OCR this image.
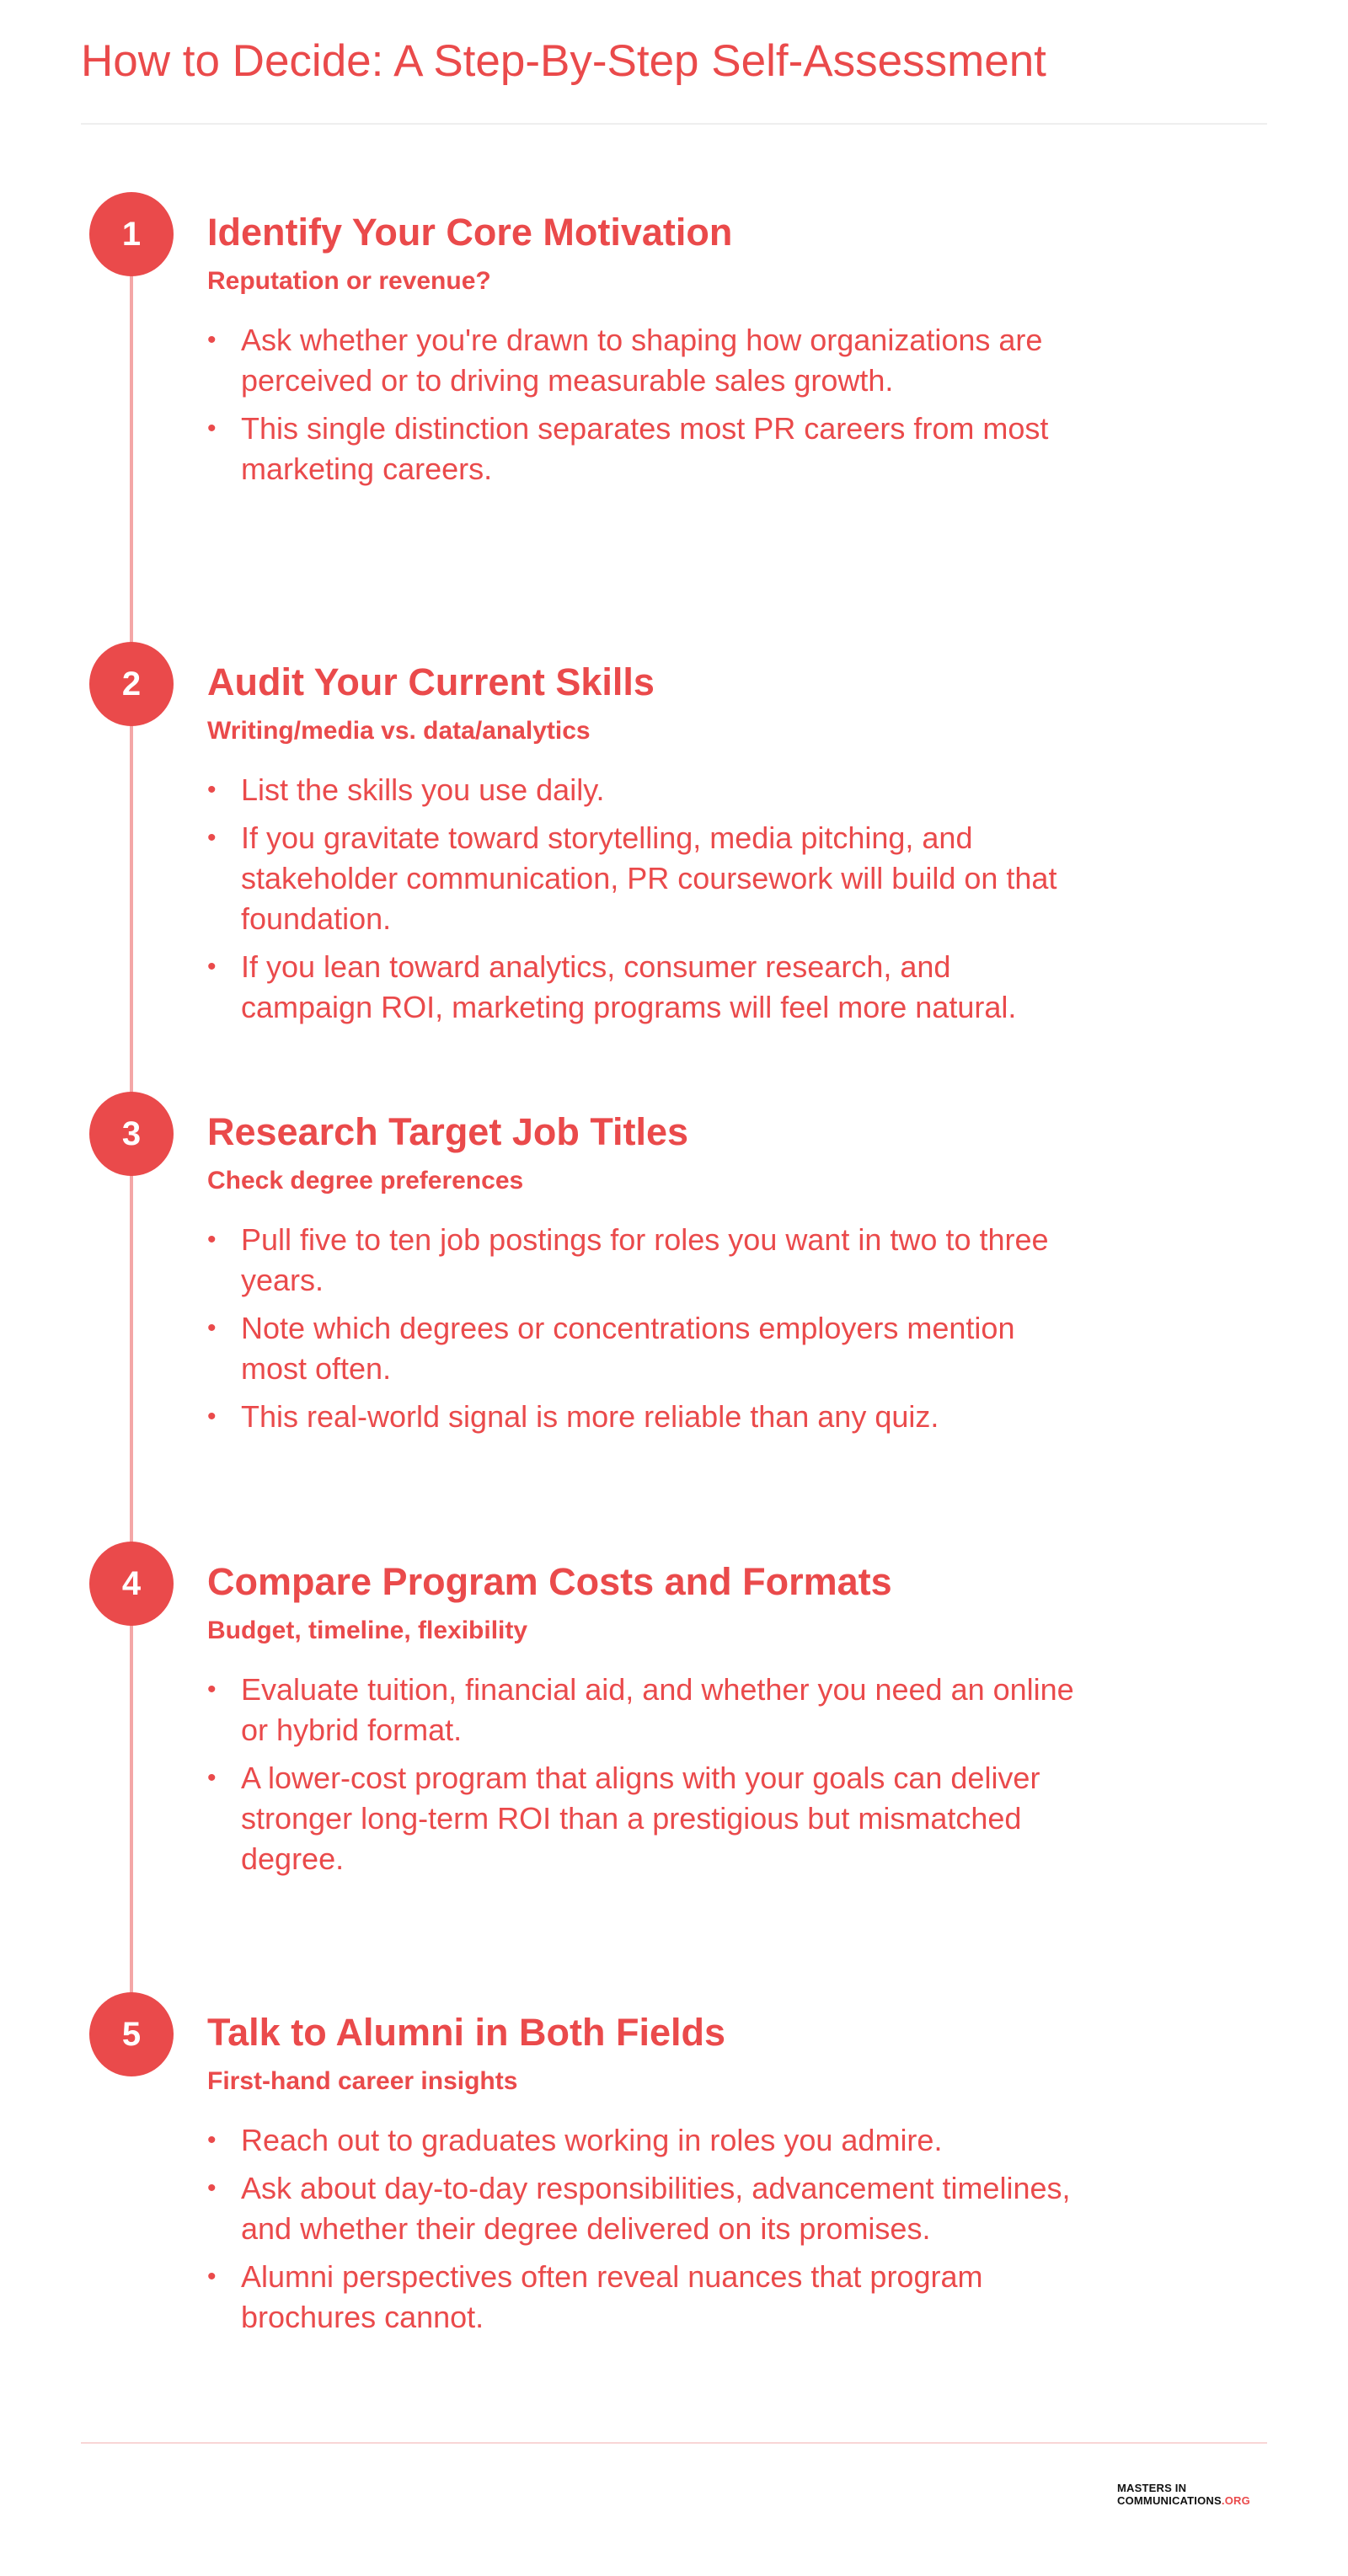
How to Decide: A Step-By-Step Self-Assessment
1	Identify Your Core Motivation
Reputation or revenue?
• Ask whether you're drawn to shaping how organizations are perceived or to driving measurable sales growth.
• This single distinction separates most PR careers from most marketing careers.
2	Audit Your Current Skills
Writing/media vs. data/analytics
• List the skills you use daily.
• If you gravitate toward storytelling, media pitching, and stakeholder communication, PR coursework will build on that foundation.
• If you lean toward analytics, consumer research, and campaign ROI, marketing programs will feel more natural.
3	Research Target Job Titles
Check degree preferences
• Pull five to ten job postings for roles you want in two to three years.
• Note which degrees or concentrations employers mention most often.
• This real-world signal is more reliable than any quiz.
4	Compare Program Costs and Formats
Budget, timeline, flexibility
• Evaluate tuition, financial aid, and whether you need an online or hybrid format.
• A lower-cost program that aligns with your goals can deliver stronger long-term ROI than a prestigious but mismatched degree.
5	Talk to Alumni in Both Fields
First-hand career insights
• Reach out to graduates working in roles you admire.
• Ask about day-to-day responsibilities, advancement timelines, and whether their degree delivered on its promises.
• Alumni perspectives often reveal nuances that program brochures cannot.
MASTERS IN
COMMUNICATIONS.ORG
